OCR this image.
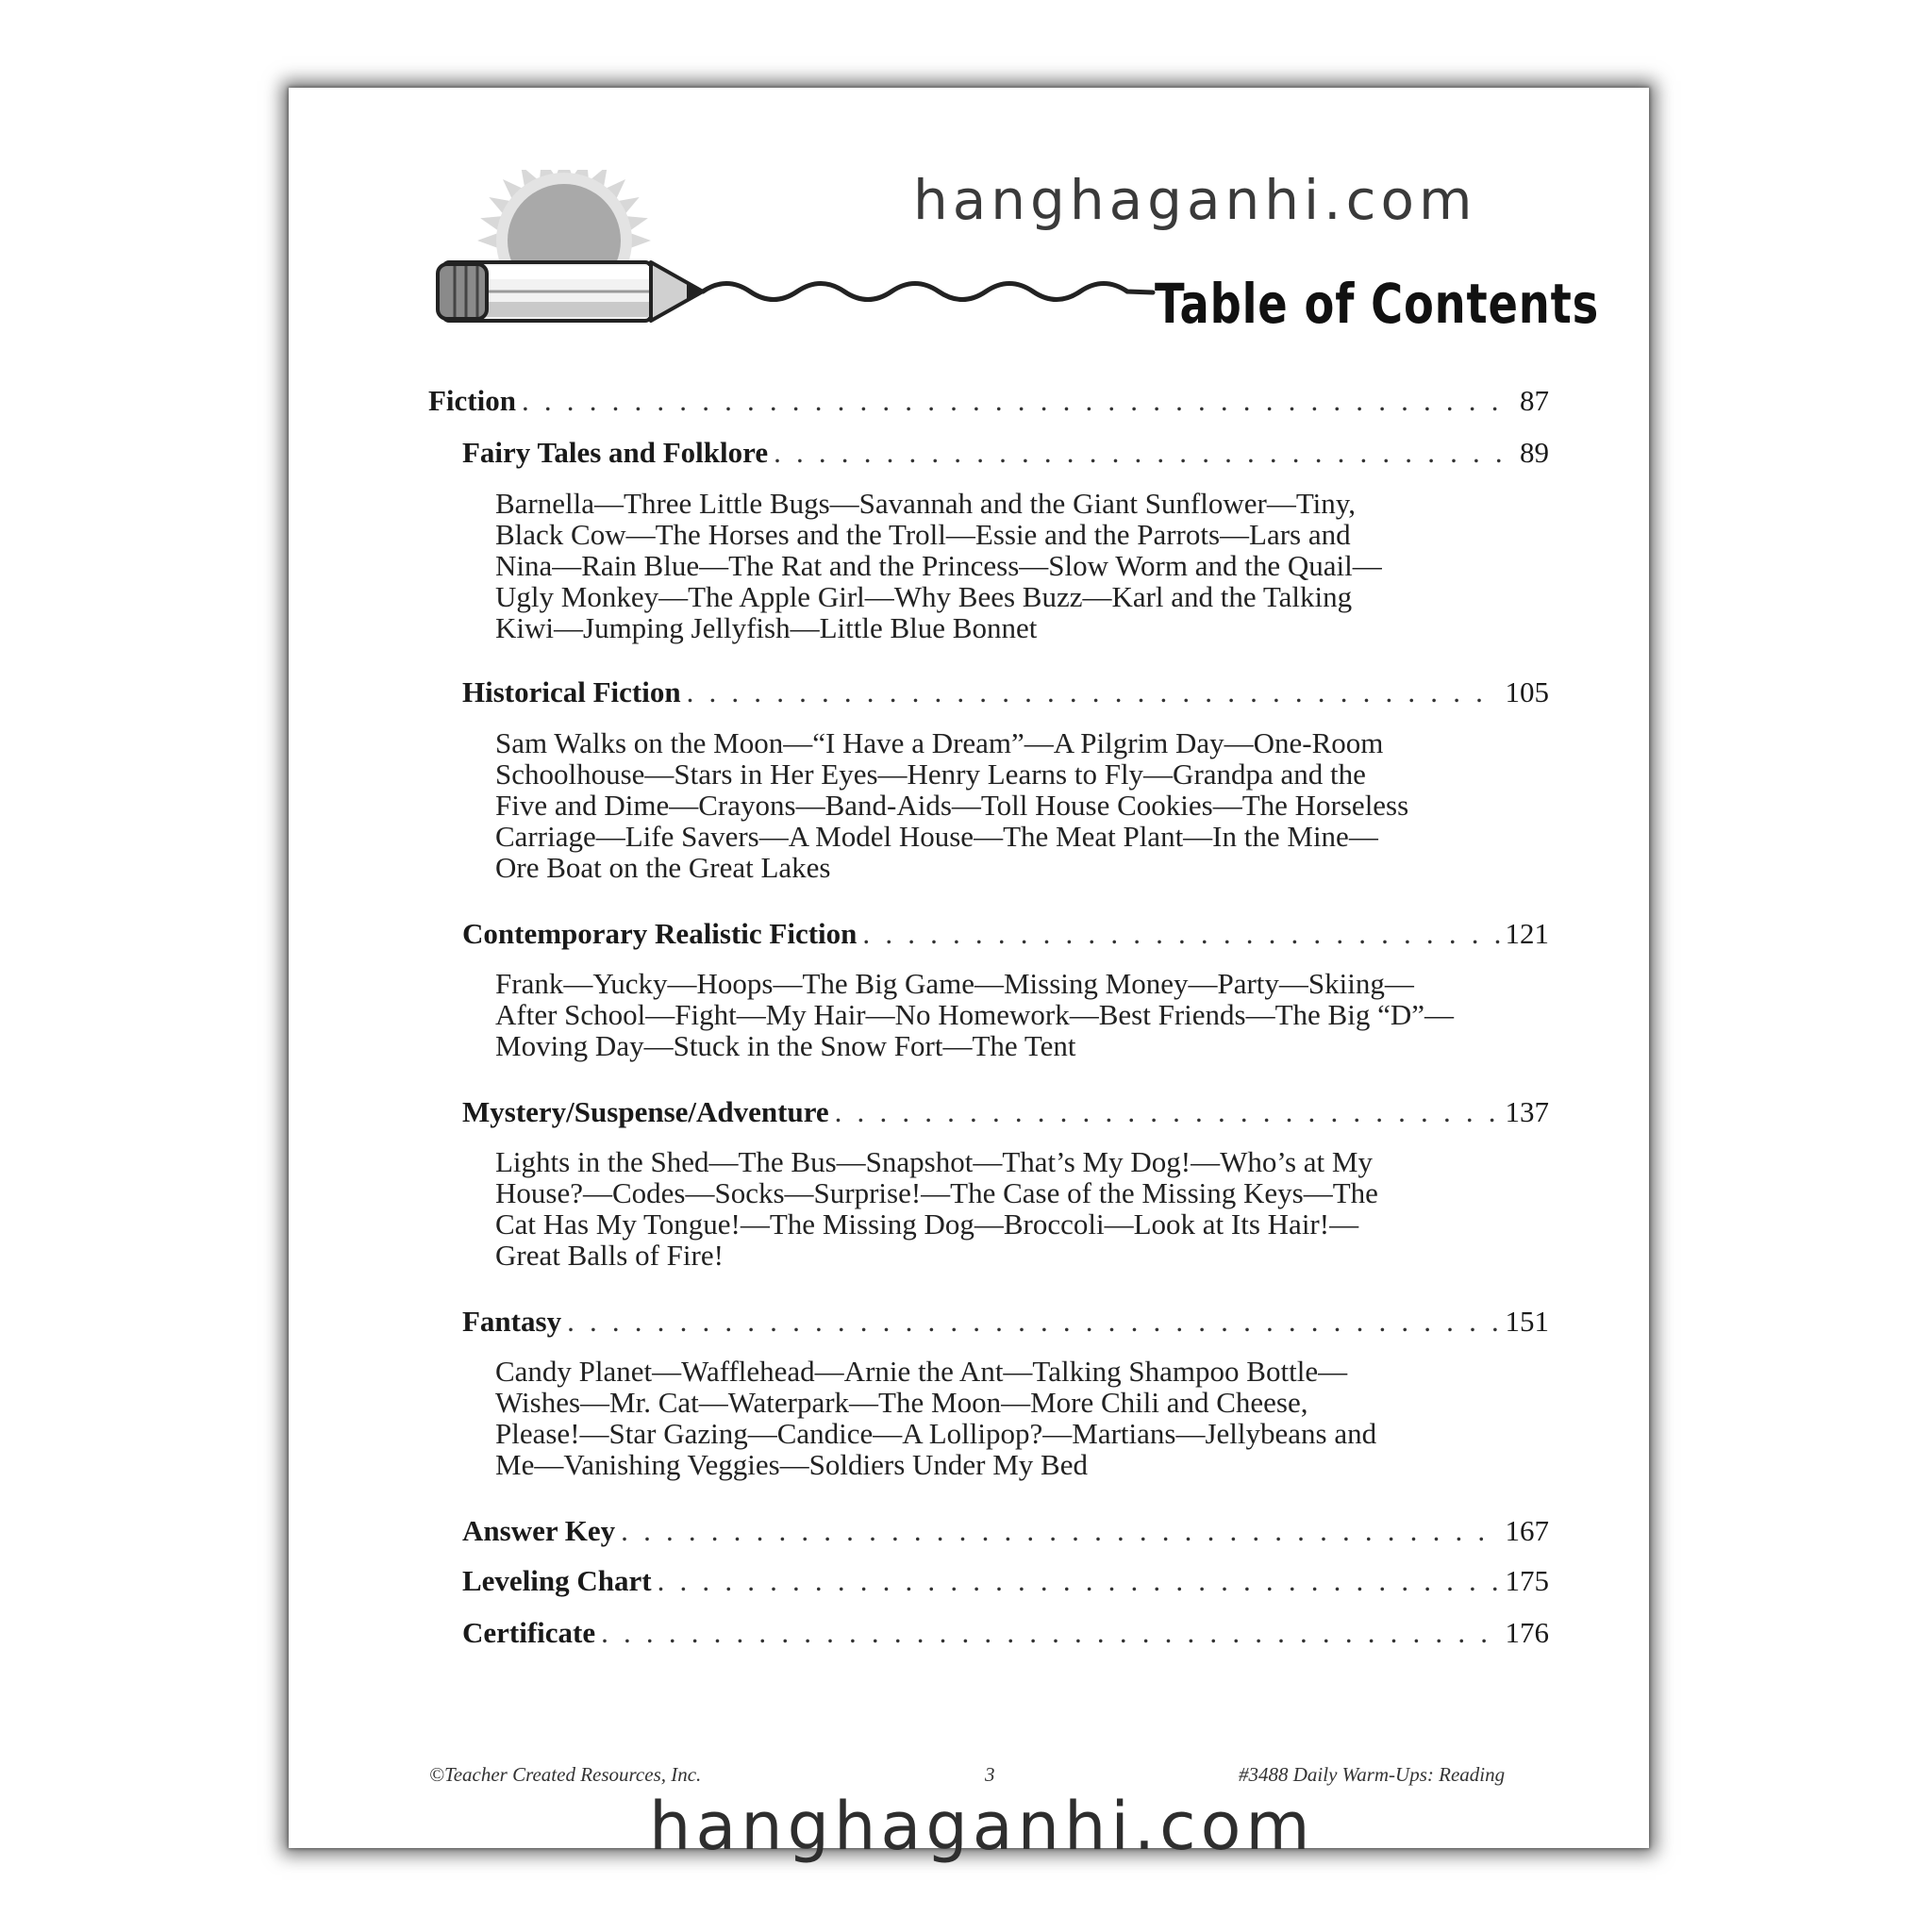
hanghaganhi.com
Table of Contents
Fiction . . .	87
Fairy Tales and Folklore . . .	89

Barnella—Three Little Bugs—Savannah and the Giant Sunflower—Tiny,
Black Cow—The Horses and the Troll—Essie and the Parrots—Lars and
Nina—Rain Blue—The Rat and the Princess—Slow Worm and the Quail—
Ugly Monkey—The Apple Girl—Why Bees Buzz—Karl and the Talking
Kiwi—Jumping Jellyfish—Little Blue Bonnet

Historical Fiction . . .	105

Sam Walks on the Moon—“I Have a Dream”—A Pilgrim Day—One-Room
Schoolhouse—Stars in Her Eyes—Henry Learns to Fly—Grandpa and the
Five and Dime—Crayons—Band-Aids—Toll House Cookies—The Horseless
Carriage—Life Savers—A Model House—The Meat Plant—In the Mine—
Ore Boat on the Great Lakes

Contemporary Realistic Fiction . . .	121

Frank—Yucky—Hoops—The Big Game—Missing Money—Party—Skiing—
After School—Fight—My Hair—No Homework—Best Friends—The Big “D”—
Moving Day—Stuck in the Snow Fort—The Tent

Mystery/Suspense/Adventure . . .	137

Lights in the Shed—The Bus—Snapshot—That’s My Dog!—Who’s at My
House?—Codes—Socks—Surprise!—The Case of the Missing Keys—The
Cat Has My Tongue!—The Missing Dog—Broccoli—Look at Its Hair!—
Great Balls of Fire!

Fantasy . . .	151

Candy Planet—Wafflehead—Arnie the Ant—Talking Shampoo Bottle—
Wishes—Mr. Cat—Waterpark—The Moon—More Chili and Cheese,
Please!—Star Gazing—Candice—A Lollipop?—Martians—Jellybeans and
Me—Vanishing Veggies—Soldiers Under My Bed

Answer Key . . .	167
Leveling Chart . . .	175
Certificate . . .	176
©Teacher Created Resources, Inc.	3	#3488 Daily Warm-Ups: Reading
hanghaganhi.com
